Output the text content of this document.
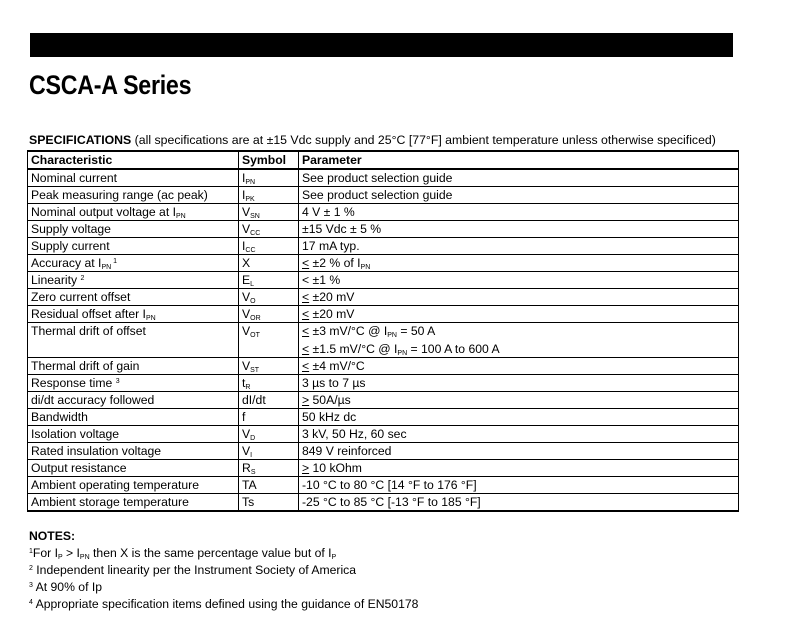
CSCA-A Series
SPECIFICATIONS (all specifications are at ±15 Vdc supply and 25°C [77°F] ambient temperature unless otherwise specificed)
Characteristic	Symbol	Parameter
Nominal current	$I_{PN}$	See product selection guide

Peak measuring range (ac peak)	$I_{PK}$	See product selection guide

Nominal output voltage at $I_{PN}$	$V_{SN}$	4 V ± 1 %

Supply voltage	$V_{CC}$	±15 Vdc ± 5 %

Supply current	$I_{CC}$	17 mA typ.

Accuracy at $I_{PN}$ $^1$	X	< ±2 % of $I_{PN}$

Linearity $^2$	$E_L$	< ±1 %

Zero current offset	$V_O$	< ±20 mV

Residual offset after $I_{PN}$	$V_{OR}$	< ±20 mV

Thermal drift of offset	$V_{OT}$	< ±3 mV/°C @ $I_{PN} = 50$ A
< ±1.5 mV/°C @ $I_{PN} = 100$ A to 600 A

Thermal drift of gain	$V_{ST}$	< ±4 mV/°C

Response time $^3$	$t_R$	3 µs to 7 µs

di/dt accuracy followed	dI/dt	> 50A/µs

Bandwidth	f	50 kHz dc

Isolation voltage	$V_D$	3 kV, 50 Hz, 60 sec

Rated insulation voltage	$V_I$	849 V reinforced

Output resistance	$R_S$	> 10 kOhm

Ambient operating temperature	TA	-10 °C to 80 °C [14 °F to 176 °F]

Ambient storage temperature	Ts	-25 °C to 85 °C [-13 °F to 185 °F]
NOTES:
$^1$For $I_P > I_{PN}$ then X is the same percentage value but of $I_P$
$^2$ Independent linearity per the Instrument Society of America
$^3$ At 90% of Ip
$^4$ Appropriate specification items defined using the guidance of EN50178
